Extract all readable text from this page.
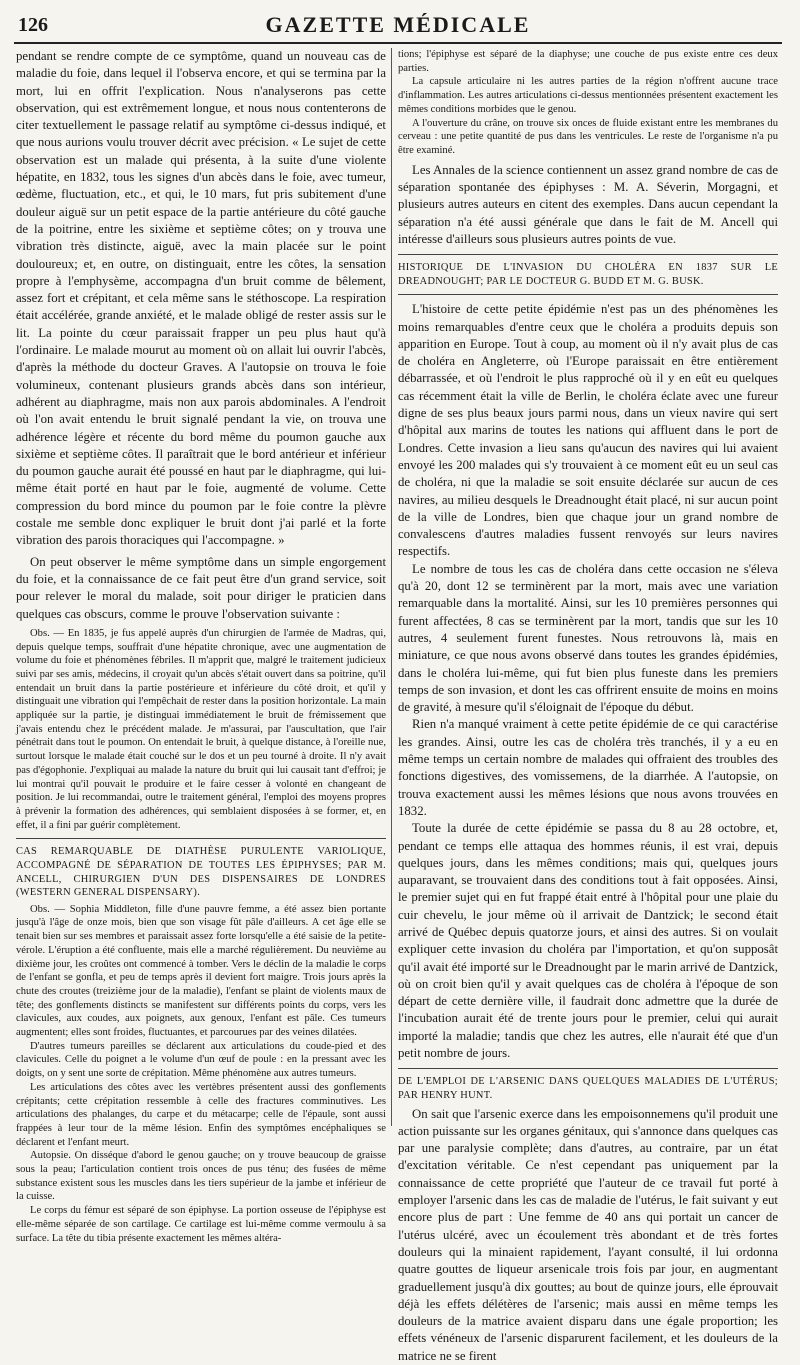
126	GAZETTE MÉDICALE

pendant se rendre compte de ce symptôme, quand un nouveau cas de maladie du foie, dans lequel il l'observa encore, et qui se termina par la mort, lui en offrit l'explication. Nous n'analyserons pas cette observation, qui est extrêmement longue, et nous nous contenterons de citer textuellement le passage relatif au symptôme ci-dessus indiqué, et que nous aurions voulu trouver décrit avec précision. « Le sujet de cette observation est un malade qui présenta, à la suite d'une violente hépatite, en 1832, tous les signes d'un abcès dans le foie, avec tumeur, œdème, fluctuation, etc., et qui, le 10 mars, fut pris subitement d'une douleur aiguë sur un petit espace de la partie antérieure du côté gauche de la poitrine, entre les sixième et septième côtes; on y trouva une vibration très distincte, aiguë, avec la main placée sur le point douloureux; et, en outre, on distinguait, entre les côtes, la sensation propre à l'emphysème, accompagna d'un bruit comme de bêlement, assez fort et crépitant, et cela même sans le stéthoscope. La respiration était accélérée, grande anxiété, et le malade obligé de rester assis sur le lit. La pointe du cœur paraissait frapper un peu plus haut qu'à l'ordinaire. Le malade mourut au moment où on allait lui ouvrir l'abcès, d'après la méthode du docteur Graves. A l'autopsie on trouva le foie volumineux, contenant plusieurs grands abcès dans son intérieur, adhérent au diaphragme, mais non aux parois abdominales. A l'endroit où l'on avait entendu le bruit signalé pendant la vie, on trouva une adhérence légère et récente du bord même du poumon gauche aux sixième et septième côtes. Il paraîtrait que le bord antérieur et inférieur du poumon gauche aurait été poussé en haut par le diaphragme, qui lui-même était porté en haut par le foie, augmenté de volume. Cette compression du bord mince du poumon par le foie contre la plèvre costale me semble donc expliquer le bruit dont j'ai parlé et la forte vibration des parois thoraciques qui l'accompagne. »

On peut observer le même symptôme dans un simple engorgement du foie, et la connaissance de ce fait peut être d'un grand service, soit pour relever le moral du malade, soit pour diriger le praticien dans quelques cas obscurs, comme le prouve l'observation suivante :

Obs. — En 1835, je fus appelé auprès d'un chirurgien de l'armée de Madras, qui, depuis quelque temps, souffrait d'une hépatite chronique, avec une augmentation de volume du foie et phénomènes fébriles. Il m'apprit que, malgré le traitement judicieux suivi par ses amis, médecins, il croyait qu'un abcès s'était ouvert dans sa poitrine, qu'il entendait un bruit dans la partie postérieure et inférieure du côté droit, et qu'il y distinguait une vibration qui l'empêchait de rester dans la position horizontale. La main appliquée sur la partie, je distinguai immédiatement le bruit de frémissement que j'avais entendu chez le précédent malade. Je m'assurai, par l'auscultation, que l'air pénétrait dans tout le poumon. On entendait le bruit, à quelque distance, à l'oreille nue, surtout lorsque le malade était couché sur le dos et un peu tourné à droite. Il n'y avait pas d'égophonie. J'expliquai au malade la nature du bruit qui lui causait tant d'effroi; je lui montrai qu'il pouvait le produire et le faire cesser à volonté en changeant de position. Je lui recommandai, outre le traitement général, l'emploi des moyens propres à prévenir la formation des adhérences, qui semblaient disposées à se former, et, en effet, il a fini par guérir complètement.

CAS REMARQUABLE DE DIATHÈSE PURULENTE VARIOLIQUE, ACCOMPAGNÉ DE SÉPARATION DE TOUTES LES ÉPIPHYSES; PAR M. ANCELL, CHIRURGIEN D'UN DES DISPENSAIRES DE LONDRES (WESTERN GENERAL DISPENSARY).

Obs. — Sophia Middleton, fille d'une pauvre femme, a été assez bien portante jusqu'à l'âge de onze mois, bien que son visage fût pâle d'ailleurs. A cet âge elle se tenait bien sur ses membres et paraissait assez forte lorsqu'elle a été saisie de la petite-vérole. L'éruption a été confluente, mais elle a marché régulièrement. Du neuvième au dixième jour, les croûtes ont commencé à tomber. Vers le déclin de la maladie le corps de l'enfant se gonfla, et peu de temps après il devient fort maigre. Trois jours après la chute des croutes (treizième jour de la maladie), l'enfant se plaint de violents maux de tête; des gonflements distincts se manifestent sur différents points du corps, vers les clavicules, aux coudes, aux poignets, aux genoux, l'enfant est pâle. Ces tumeurs augmentent; elles sont froides, fluctuantes, et parcourues par des veines dilatées.

D'autres tumeurs pareilles se déclarent aux articulations du coude-pied et des clavicules. Celle du poignet a le volume d'un œuf de poule : en la pressant avec les doigts, on y sent une sorte de crépitation. Même phénomène aux autres tumeurs.

Les articulations des côtes avec les vertèbres présentent aussi des gonflements crépitants; cette crépitation ressemble à celle des fractures comminutives. Les articulations des phalanges, du carpe et du métacarpe; celle de l'épaule, sont aussi frappées à leur tour de la même lésion. Enfin des symptômes encéphaliques se déclarent et l'enfant meurt.

Autopsie. On disséque d'abord le genou gauche; on y trouve beaucoup de graisse sous la peau; l'articulation contient trois onces de pus ténu; des fusées de même substance existent sous les muscles dans les tiers supérieur de la jambe et inférieur de la cuisse.

Le corps du fémur est séparé de son épiphyse. La portion osseuse de l'épiphyse est elle-même séparée de son cartilage. Ce cartilage est lui-même comme vermoulu à sa surface. La tête du tibia présente exactement les mêmes altéra-

tions; l'épiphyse est séparé de la diaphyse; une couche de pus existe entre ces deux parties.

La capsule articulaire ni les autres parties de la région n'offrent aucune trace d'inflammation. Les autres articulations ci-dessus mentionnées présentent exactement les mêmes conditions morbides que le genou.

A l'ouverture du crâne, on trouve six onces de fluide existant entre les membranes du cerveau : une petite quantité de pus dans les ventricules. Le reste de l'organisme n'a pu être examiné.

Les Annales de la science contiennent un assez grand nombre de cas de séparation spontanée des épiphyses : M. A. Séverin, Morgagni, et plusieurs autres auteurs en citent des exemples. Dans aucun cependant la séparation n'a été aussi générale que dans le fait de M. Ancell qui intéresse d'ailleurs sous plusieurs autres points de vue.

HISTORIQUE DE L'INVASION DU CHOLÉRA EN 1837 SUR LE DREADNOUGHT; PAR LE DOCTEUR G. BUDD ET M. G. BUSK.

L'histoire de cette petite épidémie n'est pas un des phénomènes les moins remarquables d'entre ceux que le choléra a produits depuis son apparition en Europe. Tout à coup, au moment où il n'y avait plus de cas de choléra en Angleterre, où l'Europe paraissait en être entièrement débarrassée, et où l'endroit le plus rapproché où il y en eût eu quelques cas récemment était la ville de Berlin, le choléra éclate avec une fureur digne de ses plus beaux jours parmi nous, dans un vieux navire qui sert d'hôpital aux marins de toutes les nations qui affluent dans le port de Londres. Cette invasion a lieu sans qu'aucun des navires qui lui avaient envoyé les 200 malades qui s'y trouvaient à ce moment eût eu un seul cas de choléra, ni que la maladie se soit ensuite déclarée sur aucun de ces navires, au milieu desquels le Dreadnought était placé, ni sur aucun point de la ville de Londres, bien que chaque jour un grand nombre de convalescens d'autres maladies fussent renvoyés sur leurs navires respectifs.

Le nombre de tous les cas de choléra dans cette occasion ne s'éleva qu'à 20, dont 12 se terminèrent par la mort, mais avec une variation remarquable dans la mortalité. Ainsi, sur les 10 premières personnes qui furent affectées, 8 cas se terminèrent par la mort, tandis que sur les 10 autres, 4 seulement furent funestes. Nous retrouvons là, mais en miniature, ce que nous avons observé dans toutes les grandes épidémies, dans le choléra lui-même, qui fut bien plus funeste dans les premiers temps de son invasion, et dont les cas offrirent ensuite de moins en moins de gravité, à mesure qu'il s'éloignait de l'époque du début.

Rien n'a manqué vraiment à cette petite épidémie de ce qui caractérise les grandes. Ainsi, outre les cas de choléra très tranchés, il y a eu en même temps un certain nombre de malades qui offraient des troubles des fonctions digestives, des vomissemens, de la diarrhée. A l'autopsie, on trouva exactement aussi les mêmes lésions que nous avons trouvées en 1832.

Toute la durée de cette épidémie se passa du 8 au 28 octobre, et, pendant ce temps elle attaqua des hommes réunis, il est vrai, depuis quelques jours, dans les mêmes conditions; mais qui, quelques jours auparavant, se trouvaient dans des conditions tout à fait opposées. Ainsi, le premier sujet qui en fut frappé était entré à l'hôpital pour une plaie du cuir chevelu, le jour même où il arrivait de Dantzick; le second était arrivé de Québec depuis quatorze jours, et ainsi des autres. Si on voulait expliquer cette invasion du choléra par l'importation, et qu'on supposât qu'il avait été importé sur le Dreadnought par le marin arrivé de Dantzick, où on croit bien qu'il y avait quelques cas de choléra à l'époque de son départ de cette dernière ville, il faudrait donc admettre que la durée de l'incubation aurait été de trente jours pour le premier, celui qui aurait importé la maladie; tandis que chez les autres, elle n'aurait été que d'un petit nombre de jours.

DE L'EMPLOI DE L'ARSENIC DANS QUELQUES MALADIES DE L'UTÉRUS; PAR HENRY HUNT.

On sait que l'arsenic exerce dans les empoisonnemens qu'il produit une action puissante sur les organes génitaux, qui s'annonce dans quelques cas par une paralysie complète; dans d'autres, au contraire, par un état d'excitation véritable. Ce n'est cependant pas uniquement par la connaissance de cette propriété que l'auteur de ce travail fut porté à employer l'arsenic dans les cas de maladie de l'utérus, le fait suivant y eut encore plus de part : Une femme de 40 ans qui portait un cancer de l'utérus ulcéré, avec un écoulement très abondant et de très fortes douleurs qui la minaient rapidement, l'ayant consulté, il lui ordonna quatre gouttes de liqueur arsenicale trois fois par jour, en augmentant graduellement jusqu'à dix gouttes; au bout de quinze jours, elle éprouvait déjà les effets délétères de l'arsenic; mais aussi en même temps les douleurs de la matrice avaient disparu dans une égale proportion; les effets vénéneux de l'arsenic disparurent facilement, et les douleurs de la matrice ne se firent
